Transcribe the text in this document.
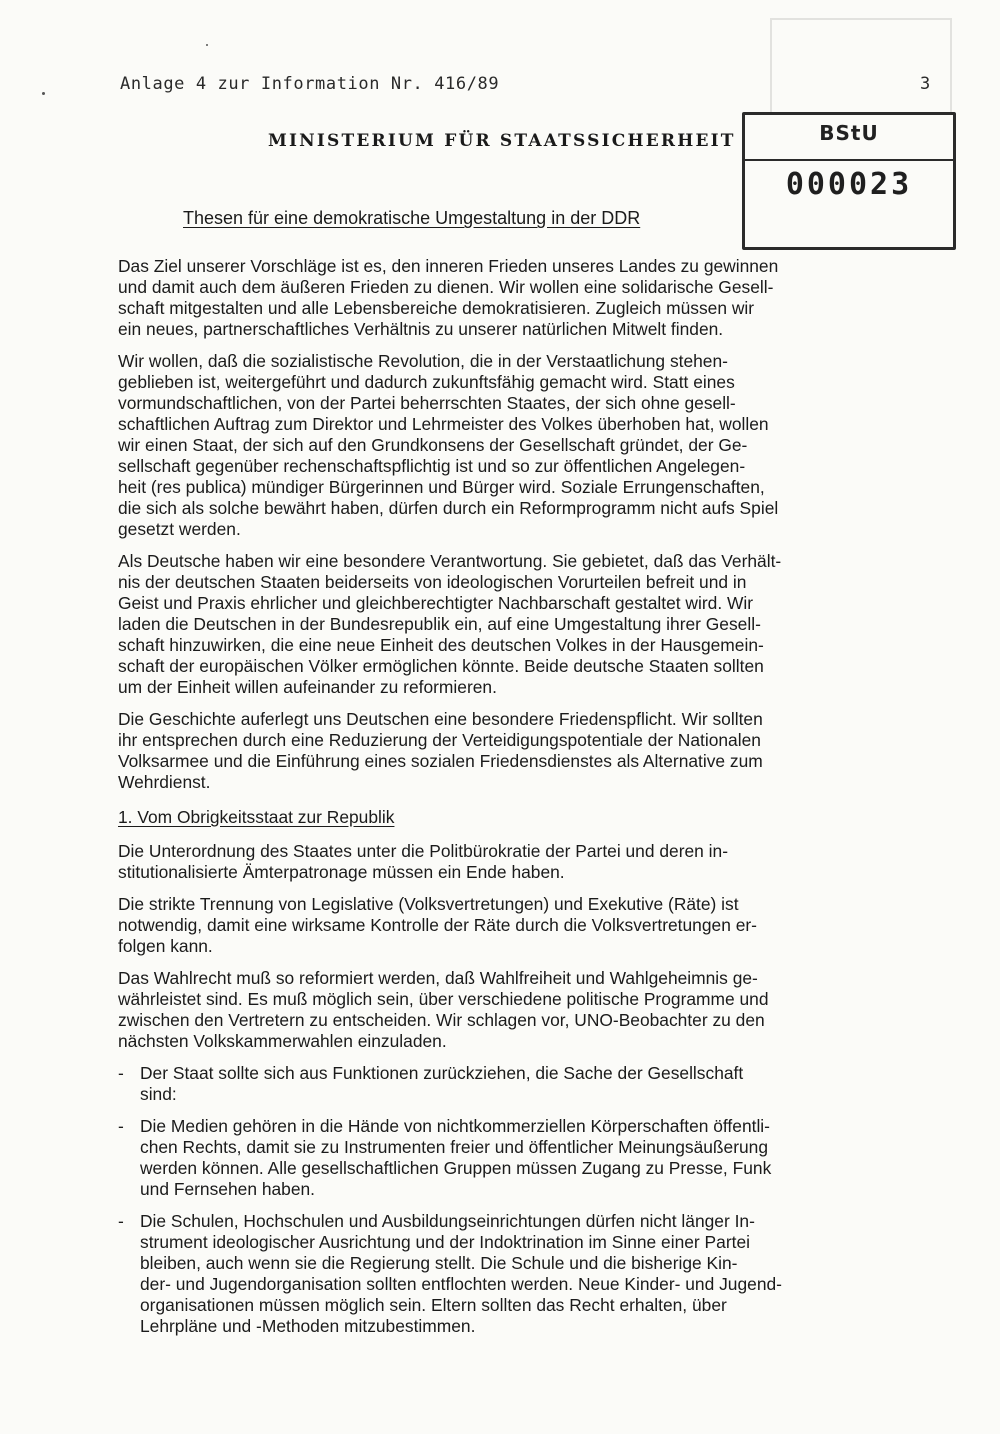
Anlage 4 zur Information Nr. 416/89	3
MINISTERIUM FÜR STAATSSICHERHEIT	BStU
000023
Thesen für eine demokratische Umgestaltung in der DDR

Das Ziel unserer Vorschläge ist es, den inneren Frieden unseres Landes zu gewinnen
und damit auch dem äußeren Frieden zu dienen. Wir wollen eine solidarische Gesell-
schaft mitgestalten und alle Lebensbereiche demokratisieren. Zugleich müssen wir
ein neues, partnerschaftliches Verhältnis zu unserer natürlichen Mitwelt finden.

Wir wollen, daß die sozialistische Revolution, die in der Verstaatlichung stehen-
geblieben ist, weitergeführt und dadurch zukunftsfähig gemacht wird. Statt eines
vormundschaftlichen, von der Partei beherrschten Staates, der sich ohne gesell-
schaftlichen Auftrag zum Direktor und Lehrmeister des Volkes überhoben hat, wollen
wir einen Staat, der sich auf den Grundkonsens der Gesellschaft gründet, der Ge-
sellschaft gegenüber rechenschaftspflichtig ist und so zur öffentlichen Angelegen-
heit (res publica) mündiger Bürgerinnen und Bürger wird. Soziale Errungenschaften,
die sich als solche bewährt haben, dürfen durch ein Reformprogramm nicht aufs Spiel
gesetzt werden.

Als Deutsche haben wir eine besondere Verantwortung. Sie gebietet, daß das Verhält-
nis der deutschen Staaten beiderseits von ideologischen Vorurteilen befreit und in
Geist und Praxis ehrlicher und gleichberechtigter Nachbarschaft gestaltet wird. Wir
laden die Deutschen in der Bundesrepublik ein, auf eine Umgestaltung ihrer Gesell-
schaft hinzuwirken, die eine neue Einheit des deutschen Volkes in der Hausgemein-
schaft der europäischen Völker ermöglichen könnte. Beide deutsche Staaten sollten
um der Einheit willen aufeinander zu reformieren.

Die Geschichte auferlegt uns Deutschen eine besondere Friedenspflicht. Wir sollten
ihr entsprechen durch eine Reduzierung der Verteidigungspotentiale der Nationalen
Volksarmee und die Einführung eines sozialen Friedensdienstes als Alternative zum
Wehrdienst.

1. Vom Obrigkeitsstaat zur Republik

Die Unterordnung des Staates unter die Politbürokratie der Partei und deren in-
stitutionalisierte Ämterpatronage müssen ein Ende haben.

Die strikte Trennung von Legislative (Volksvertretungen) und Exekutive (Räte) ist
notwendig, damit eine wirksame Kontrolle der Räte durch die Volksvertretungen er-
folgen kann.

Das Wahlrecht muß so reformiert werden, daß Wahlfreiheit und Wahlgeheimnis ge-
währleistet sind. Es muß möglich sein, über verschiedene politische Programme und
zwischen den Vertretern zu entscheiden. Wir schlagen vor, UNO-Beobachter zu den
nächsten Volkskammerwahlen einzuladen.

- Der Staat sollte sich aus Funktionen zurückziehen, die Sache der Gesellschaft
sind:
- Die Medien gehören in die Hände von nichtkommerziellen Körperschaften öffentli-
chen Rechts, damit sie zu Instrumenten freier und öffentlicher Meinungsäußerung
werden können. Alle gesellschaftlichen Gruppen müssen Zugang zu Presse, Funk
und Fernsehen haben.
- Die Schulen, Hochschulen und Ausbildungseinrichtungen dürfen nicht länger In-
strument ideologischer Ausrichtung und der Indoktrination im Sinne einer Partei
bleiben, auch wenn sie die Regierung stellt. Die Schule und die bisherige Kin-
der- und Jugendorganisation sollten entflochten werden. Neue Kinder- und Jugend-
organisationen müssen möglich sein. Eltern sollten das Recht erhalten, über
Lehrpläne und -Methoden mitzubestimmen.
